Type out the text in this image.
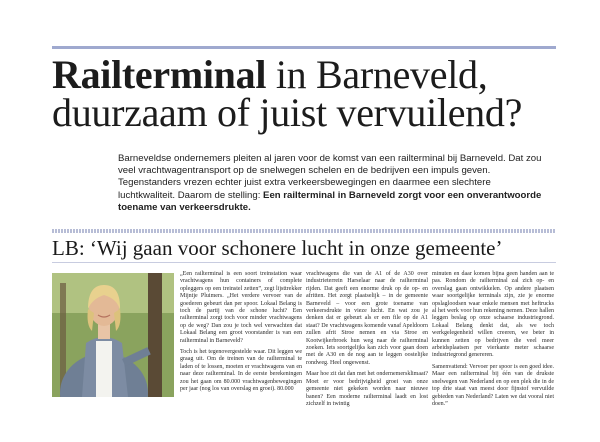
Railterminal in Barneveld,
duurzaam of juist vervuilend?
Barneveldse ondernemers pleiten al jaren voor de komst van een railterminal bij Barneveld. Dat zou veel vrachtwagentransport op de snelwegen schelen en de bedrijven een impuls geven. Tegenstanders vrezen echter juist extra verkeersbewegingen en daarmee een slechtere luchtkwaliteit. Daarom de stelling: Een railterminal in Barneveld zorgt voor een onverantwoorde toename van verkeersdrukte.
LB: ‘Wij gaan voor schonere lucht in onze gemeente’

„Een railterminal is een soort treinstation waar vrachtwagens hun containers of complete opleggers op een treinstel zetten”, zegt lijsttrekker Mijntje Pluimers. „Het verdere vervoer van de goederen gebeurt dan per spoor. Lokaal Belang is toch de partij van de schone lucht? Een railterminal zorgt toch voor minder vrachtwagens op de weg? Dan zou je toch wel verwachten dat Lokaal Belang een groot voorstander is van een railterminal in Barneveld?

Toch is het tegenovergestelde waar. Dit leggen we graag uit. Om de treinen van de railterminal te laden of te lossen, moeten er vrachtwagens van en naar deze railterminal. In de eerste berekeningen zou het gaan om 80.000 vrachtwagenbewegingen per jaar (nog los van overslag en groei). 80.000

vrachtwagens die van de A1 of de A30 over industrieterrein Harselaar naar de railterminal rijden. Dat geeft een enorme druk op de op- en afritten. Het zorgt plaatselijk – in de gemeente Barneveld – voor een grote toename van verkeersdrukte in vieze lucht. En wat zou je denken dat er gebeurt als er een file op de A1 staat? De vrachtwagens komende vanaf Apeldoorn zullen afrit Stroe nemen en via Stroe en Kootwijkerbroek hun weg naar de railterminal zoeken. Iets soortgelijks kan zich voor gaan doen met de A30 en de nog aan te leggen oostelijke rondweg. Heel ongewenst.

Maar hoe zit dat dan met het ondernemersklimaat? Moet er voor bedrijvigheid groei van onze gemeente niet gekeken worden naar nieuwe banen? Een moderne railterminal laadt en lost zichzelf in twintig

minuten en daar komen bijna geen handen aan te pas. Rondom de railterminal zal zich op- en overslag gaan ontwikkelen. Op andere plaatsen waar soortgelijke terminals zijn, zie je enorme opslagloodsen waar enkele mensen met heftrucks al het werk voor hun rekening nemen. Deze hallen leggen beslag op onze schaarse industriegrond. Lokaal Belang denkt dat, als we toch werkgelegenheid willen creeren, we beter in kunnen zetten op bedrijven die veel meer arbeidsplaatsen per vierkante meter schaarse industriegrond genereren.

Samenvattend: Vervoer per spoor is een goed idee. Maar een railterminal bij één van de drukste snelwegen van Nederland en op een plek die in de top drie staat van meest door fijnstof vervuilde gebieden van Nederland? Laten we dat vooral niet doen.”
